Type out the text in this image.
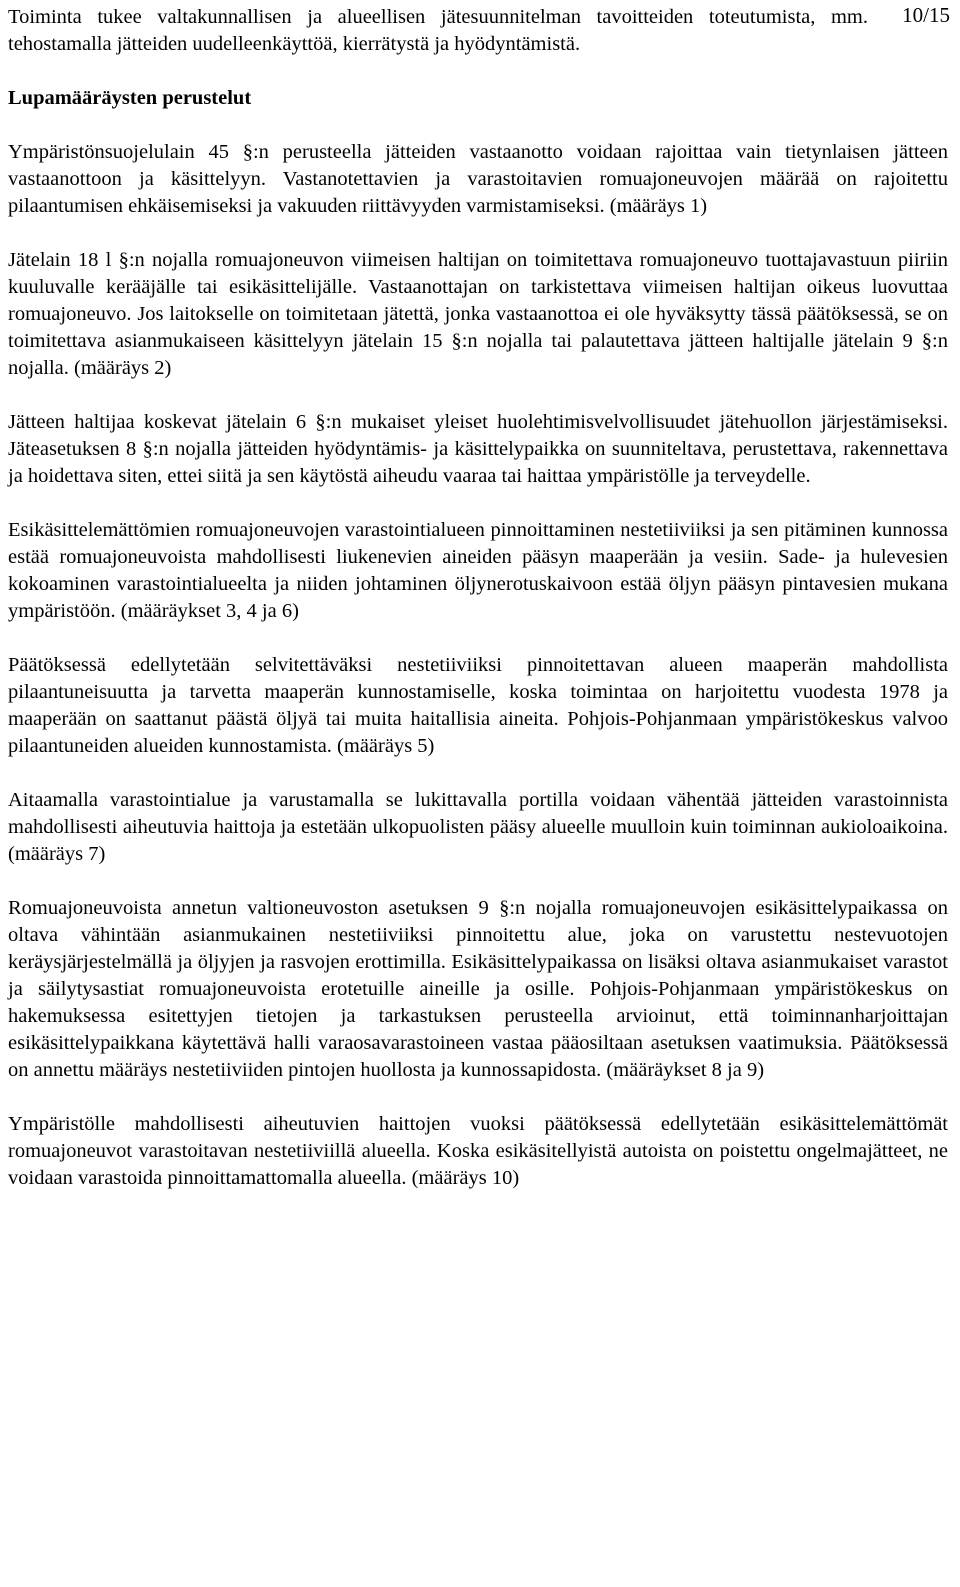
10/15

Toiminta tukee valtakunnallisen ja alueellisen jätesuunnitelman tavoitteiden toteutumista, mm. tehostamalla jätteiden uudelleenkäyttöä, kierrätystä ja hyödyntämistä.

Lupamääräysten perustelut

Ympäristönsuojelulain 45 §:n perusteella jätteiden vastaanotto voidaan rajoittaa vain tietynlaisen jätteen vastaanottoon ja käsittelyyn. Vastanotettavien ja varastoitavien romuajoneuvojen määrää on rajoitettu pilaantumisen ehkäisemiseksi ja vakuuden riittävyyden varmistamiseksi. (määräys 1)

Jätelain 18 l §:n nojalla romuajoneuvon viimeisen haltijan on toimitettava romuajoneuvo tuottajavastuun piiriin kuuluvalle kerääjälle tai esikäsittelijälle. Vastaanottajan on tarkistettava viimeisen haltijan oikeus luovuttaa romuajoneuvo. Jos laitokselle on toimitetaan jätettä, jonka vastaanottoa ei ole hyväksytty tässä päätöksessä, se on toimitettava asianmukaiseen käsittelyyn jätelain 15 §:n nojalla tai palautettava jätteen haltijalle jätelain 9 §:n nojalla. (määräys 2)

Jätteen haltijaa koskevat jätelain 6 §:n mukaiset yleiset huolehtimisvelvollisuudet jätehuollon järjestämiseksi. Jäteasetuksen 8 §:n nojalla jätteiden hyödyntämis- ja käsittelypaikka on suunniteltava, perustettava, rakennettava ja hoidettava siten, ettei siitä ja sen käytöstä aiheudu vaaraa tai haittaa ympäristölle ja terveydelle.

Esikäsittelemättömien romuajoneuvojen varastointialueen pinnoittaminen nestetiiviiksi ja sen pitäminen kunnossa estää romuajoneuvoista mahdollisesti liukenevien aineiden pääsyn maaperään ja vesiin. Sade- ja hulevesien kokoaminen varastointialueelta ja niiden johtaminen öljynerotuskaivoon estää öljyn pääsyn pintavesien mukana ympäristöön. (määräykset 3, 4 ja 6)

Päätöksessä edellytetään selvitettäväksi nestetiiviiksi pinnoitettavan alueen maaperän mahdollista pilaantuneisuutta ja tarvetta maaperän kunnostamiselle, koska toimintaa on harjoitettu vuodesta 1978 ja maaperään on saattanut päästä öljyä tai muita haitallisia aineita. Pohjois-Pohjanmaan ympäristökeskus valvoo pilaantuneiden alueiden kunnostamista. (määräys 5)

Aitaamalla varastointialue ja varustamalla se lukittavalla portilla voidaan vähentää jätteiden varastoinnista mahdollisesti aiheutuvia haittoja ja estetään ulkopuolisten pääsy alueelle muulloin kuin toiminnan aukioloaikoina. (määräys 7)

Romuajoneuvoista annetun valtioneuvoston asetuksen 9 §:n nojalla romuajoneuvojen esikäsittelypaikassa on oltava vähintään asianmukainen nestetiiviiksi pinnoitettu alue, joka on varustettu nestevuotojen keräysjärjestelmällä ja öljyjen ja rasvojen erottimilla. Esikäsittelypaikassa on lisäksi oltava asianmukaiset varastot ja säilytysastiat romuajoneuvoista erotetuille aineille ja osille. Pohjois-Pohjanmaan ympäristökeskus on hakemuksessa esitettyjen tietojen ja tarkastuksen perusteella arvioinut, että toiminnanharjoittajan esikäsittelypaikkana käytettävä halli varaosavarastoineen vastaa pääosiltaan asetuksen vaatimuksia. Päätöksessä on annettu määräys nestetiiviiden pintojen huollosta ja kunnossapidosta. (määräykset 8 ja 9)

Ympäristölle mahdollisesti aiheutuvien haittojen vuoksi päätöksessä edellytetään esikäsittelemättömät romuajoneuvot varastoitavan nestetiiviillä alueella. Koska esikäsitellyistä autoista on poistettu ongelmajätteet, ne voidaan varastoida pinnoittamattomalla alueella. (määräys 10)
